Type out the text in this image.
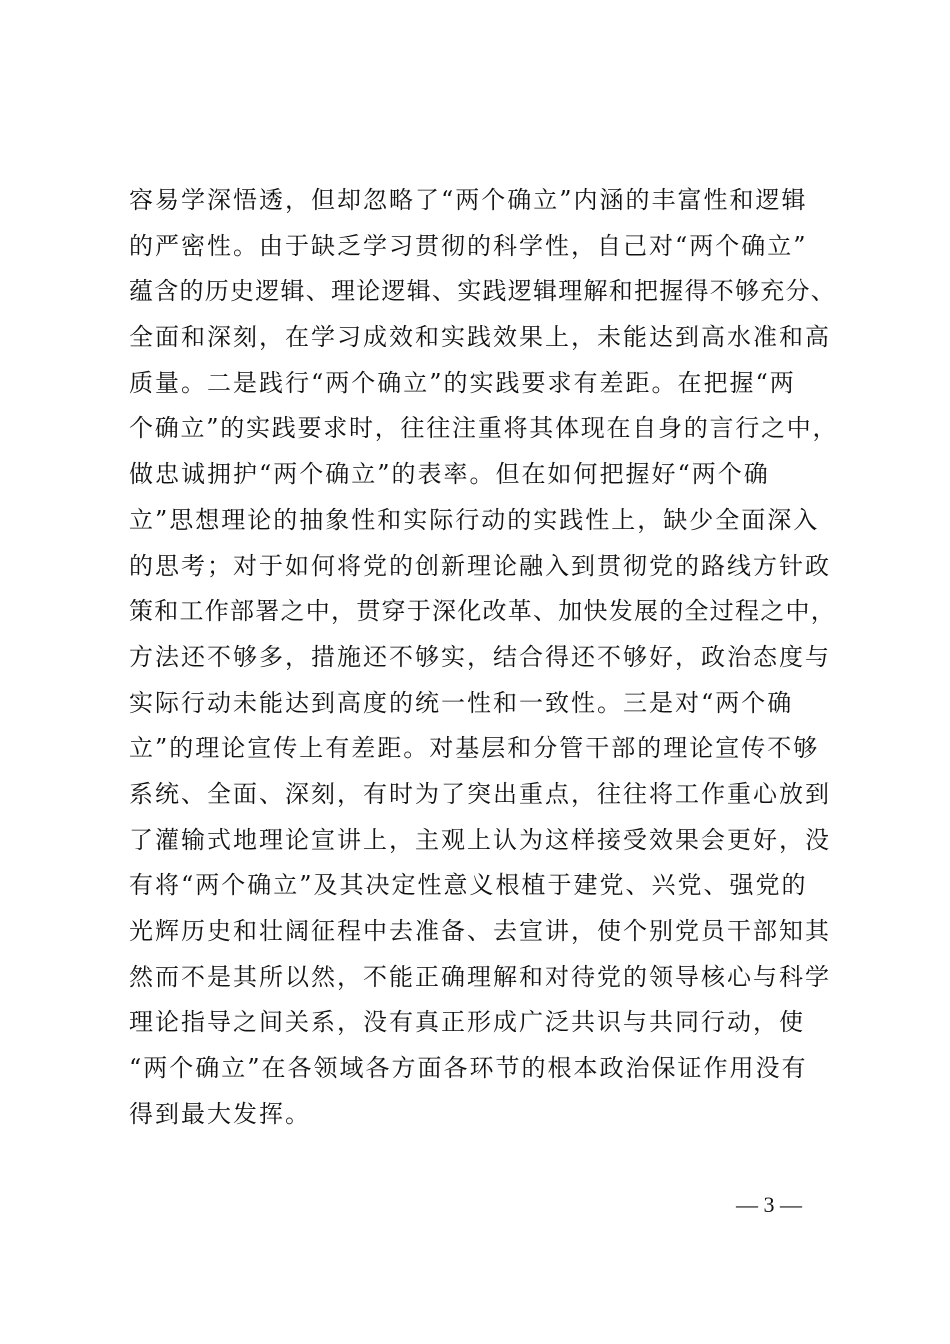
容易学深悟透，但却忽略了“两个确立”内涵的丰富性和逻辑
的严密性。由于缺乏学习贯彻的科学性，自己对“两个确立”
蕴含的历史逻辑、理论逻辑、实践逻辑理解和把握得不够充分、
全面和深刻，在学习成效和实践效果上，未能达到高水准和高
质量。二是践行“两个确立”的实践要求有差距。在把握“两
个确立”的实践要求时，往往注重将其体现在自身的言行之中，
做忠诚拥护“两个确立”的表率。但在如何把握好“两个确
立”思想理论的抽象性和实际行动的实践性上，缺少全面深入
的思考；对于如何将党的创新理论融入到贯彻党的路线方针政
策和工作部署之中，贯穿于深化改革、加快发展的全过程之中，
方法还不够多，措施还不够实，结合得还不够好，政治态度与
实际行动未能达到高度的统一性和一致性。三是对“两个确
立”的理论宣传上有差距。对基层和分管干部的理论宣传不够
系统、全面、深刻，有时为了突出重点，往往将工作重心放到
了灌输式地理论宣讲上，主观上认为这样接受效果会更好，没
有将“两个确立”及其决定性意义根植于建党、兴党、强党的
光辉历史和壮阔征程中去准备、去宣讲，使个别党员干部知其
然而不是其所以然，不能正确理解和对待党的领导核心与科学
理论指导之间关系，没有真正形成广泛共识与共同行动，使
“两个确立”在各领域各方面各环节的根本政治保证作用没有
得到最大发挥。
— 3 —
